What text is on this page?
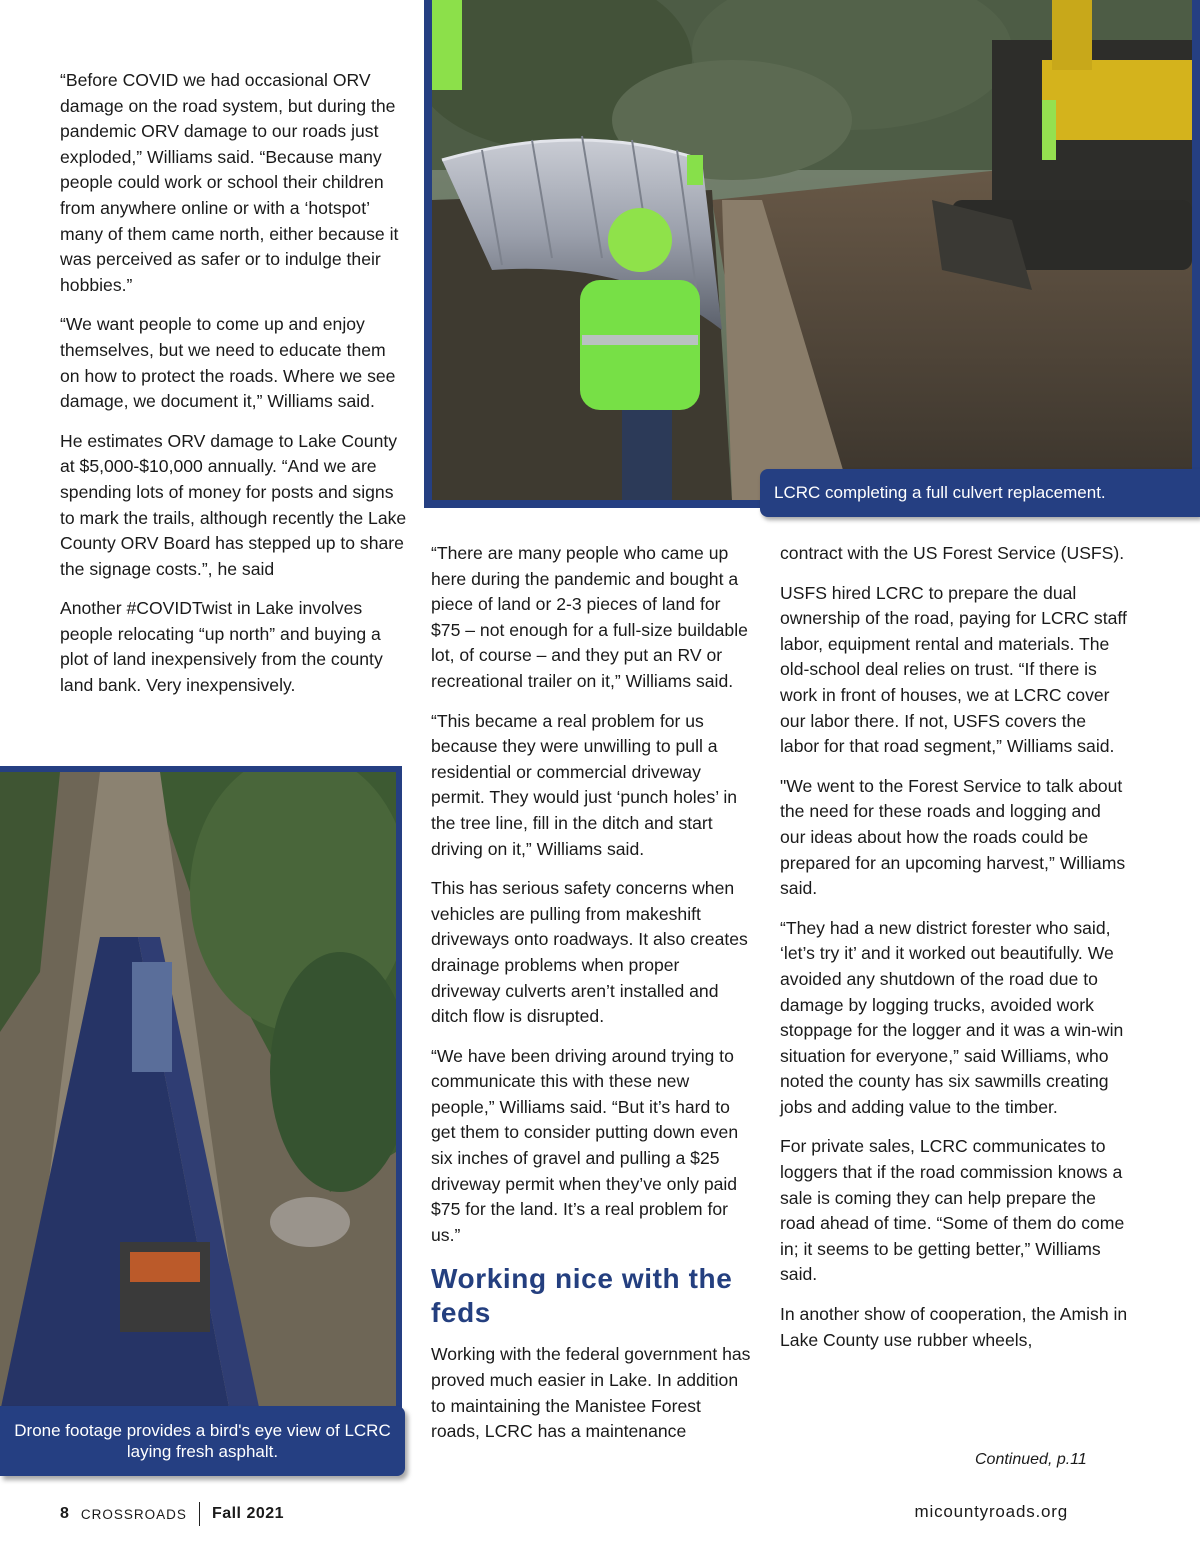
“Before COVID we had occasional ORV damage on the road system, but during the pandemic ORV damage to our roads just exploded,” Williams said. “Because many people could work or school their children from anywhere online or with a ‘hotspot’ many of them came north, either because it was perceived as safer or to indulge their hobbies.”

“We want people to come up and enjoy themselves, but we need to educate them on how to protect the roads. Where we see damage, we document it,” Williams said.

He estimates ORV damage to Lake County at $5,000-$10,000 annually. “And we are spending lots of money for posts and signs to mark the trails, although recently the Lake County ORV Board has stepped up to share the signage costs.”, he said

Another #COVIDTwist in Lake involves people relocating “up north” and buying a plot of land inexpensively from the county land bank. Very inexpensively.

LCRC completing a full culvert replacement.
Drone footage provides a bird's eye view of LCRC laying fresh asphalt.

“There are many people who came up here during the pandemic and bought a piece of land or 2-3 pieces of land for $75 – not enough for a full-size buildable lot, of course – and they put an RV or recreational trailer on it,” Williams said.

“This became a real problem for us because they were unwilling to pull a residential or commercial driveway permit. They would just ‘punch holes’ in the tree line, fill in the ditch and start driving on it,” Williams said.

This has serious safety concerns when vehicles are pulling from makeshift driveways onto roadways. It also creates drainage problems when proper driveway culverts aren’t installed and ditch flow is disrupted.

“We have been driving around trying to communicate this with these new people,” Williams said. “But it’s hard to get them to consider putting down even six inches of gravel and pulling a $25 driveway permit when they’ve only paid $75 for the land. It’s a real problem for us.”

Working nice with the feds

Working with the federal government has proved much easier in Lake. In addition to maintaining the Manistee Forest roads, LCRC has a maintenance

contract with the US Forest Service (USFS).

USFS hired LCRC to prepare the dual ownership of the road, paying for LCRC staff labor, equipment rental and materials. The old-school deal relies on trust. “If there is work in front of houses, we at LCRC cover our labor there. If not, USFS covers the labor for that road segment,” Williams said.

"We went to the Forest Service to talk about the need for these roads and logging and our ideas about how the roads could be prepared for an upcoming harvest,” Williams said.

“They had a new district forester who said, ‘let’s try it’ and it worked out beautifully. We avoided any shutdown of the road due to damage by logging trucks, avoided work stoppage for the logger and it was a win-win situation for everyone,” said Williams, who noted the county has six sawmills creating jobs and adding value to the timber.

For private sales, LCRC communicates to loggers that if the road commission knows a sale is coming they can help prepare the road ahead of time. “Some of them do come in; it seems to be getting better,” Williams said.

In another show of cooperation, the Amish in Lake County use rubber wheels,

Continued, p.11
8 CROSSROADS Fall 2021	micountyroads.org
